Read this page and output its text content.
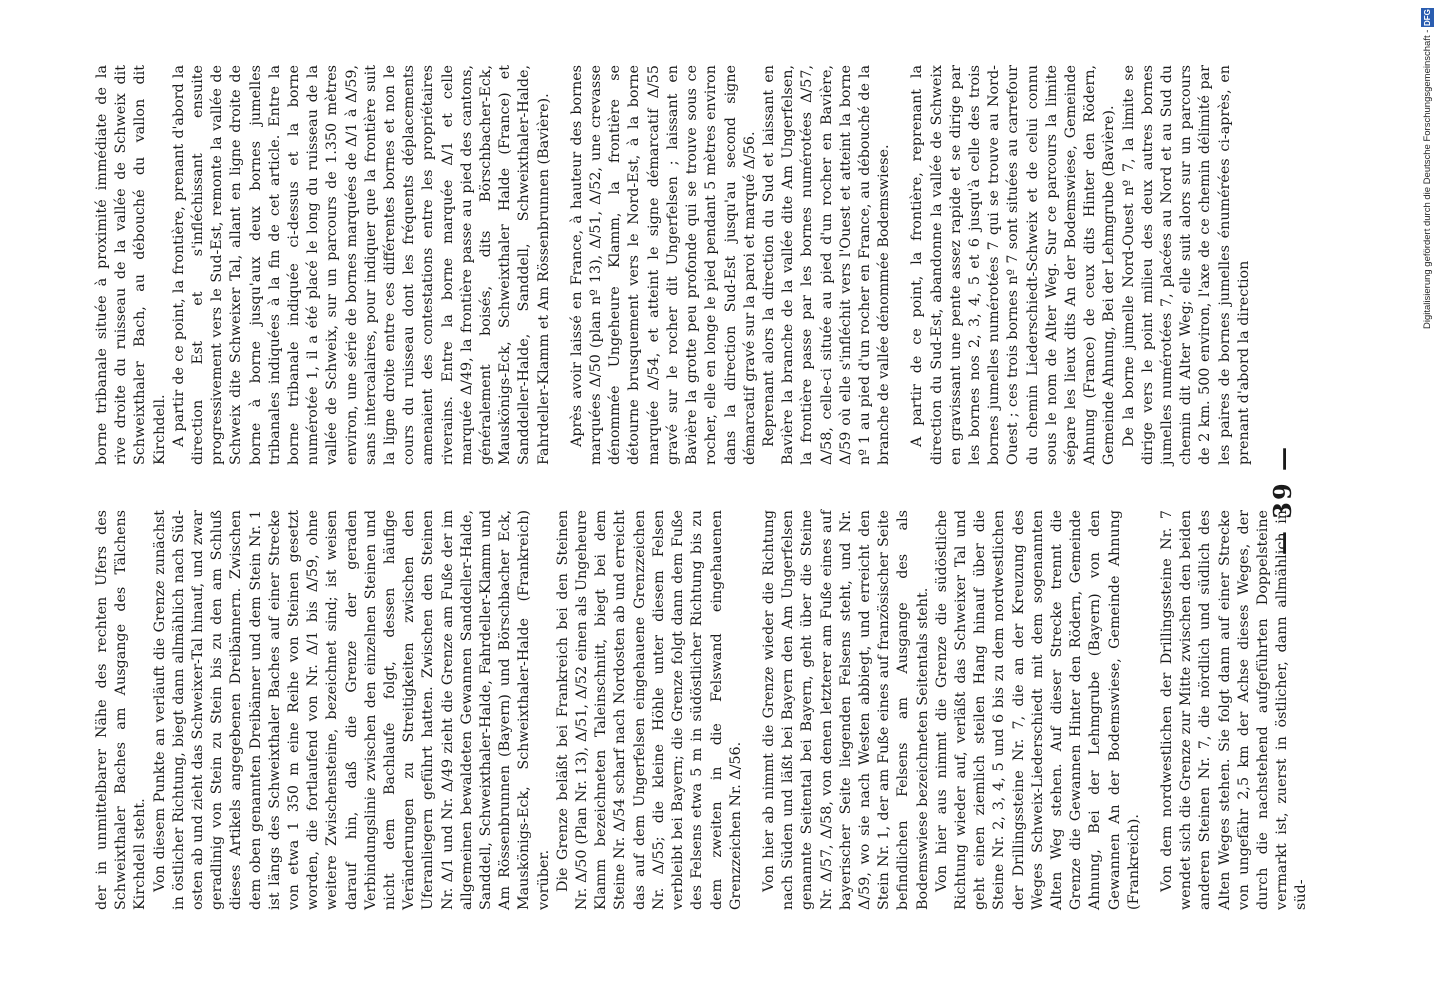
der in unmittelbarer Nähe des rechten Ufers des Schweixthaler Baches am Ausgange des Tälchens Kirchdell steht. Von diesem Punkte an verläuft die Grenze zunächst in östlicher Richtung, biegt dann allmählich nach Süd-osten ab und zieht das Schweixer-Tal hinauf, und zwar geradlinig von Stein zu Stein bis zu den am Schluß dieses Artikels angegebenen Dreibännern. Zwischen dem oben genannten Dreibänner und dem Stein Nr. 1 ist längs des Schweixthaler Baches auf einer Strecke von etwa 1 350 m eine Reihe von Steinen gesetzt worden, die fortlaufend von Nr. Δ/1 bis Δ/59, ohne weitere Zwischensteine, bezeichnet sind; ist weisen darauf hin, daß die Grenze der geraden Verbindungslinie zwischen den einzelnen Steinen und nicht dem Bachlaufe folgt, dessen häufige Veränderungen zu Streitigkeiten zwischen den Uferanliegern geführt hatten. Zwischen den Steinen Nr. Δ/1 und Nr. Δ/49 zieht die Grenze am Fuße der im allgemeinen bewaldeten Gewannen Sanddeller-Halde, Sanddell, Schweixthaler-Halde, Fahrdeller-Klamm und Am Rössenbrunnen (Bayern) und Börschbacher Eck, Mauskönigs-Eck, Schweixthaler-Halde (Frankreich) vorüber. Die Grenze beläßt bei Frankreich bei den Steinen Nr. Δ/50 (Plan Nr. 13), Δ/51, Δ/52 einen als Ungeheure Klamm bezeichneten Taleinschnitt, biegt bei dem Steine Nr. Δ/54 scharf nach Nordosten ab und erreicht das auf dem Ungerfelsen eingehauene Grenzzeichen Nr. Δ/55; die kleine Höhle unter diesem Felsen verbleibt bei Bayern; die Grenze folgt dann dem Fuße des Felsens etwa 5 m in südöstlicher Richtung bis zu dem zweiten in die Felswand eingehauenen Grenzzeichen Nr. Δ/56. Von hier ab nimmt die Grenze wieder die Richtung nach Süden und läßt bei Bayern den Am Ungerfelsen genannte Seitental bei Bayern, geht über die Steine Nr. Δ/57, Δ/58, von denen letzterer am Fuße eines auf bayerischer Seite liegenden Felsens steht, und Nr. Δ/59, wo sie nach Westen abbiegt, und erreicht den Stein Nr. 1, der am Fuße eines auf französischer Seite befindlichen Felsens am Ausgange des als Bodemswiese bezeichneten Seitentals steht. Von hier aus nimmt die Grenze die südöstliche Richtung wieder auf, verläßt das Schweixer Tal und geht einen ziemlich steilen Hang hinauf über die Steine Nr. 2, 3, 4, 5 und 6 bis zu dem nordwestlichen der Drillingssteine Nr. 7, die an der Kreuzung des Weges Schweix-Liederschiedt mit dem sogenannten Alten Weg stehen. Auf dieser Strecke trennt die Grenze die Gewannen Hinter den Rödern, Gemeinde Ahnung, Bei der Lehmgrube (Bayern) von den Gewannen An der Bodemswiese, Gemeinde Ahnung (Frankreich). Von dem nordwestlichen der Drillingssteine Nr. 7 wendet sich die Grenze zur Mitte zwischen den beiden anderen Steinen Nr. 7, die nördlich und südlich des Alten Weges stehen. Sie folgt dann auf einer Strecke von ungefähr 2,5 km der Achse dieses Weges, der durch die nachstehend aufgeführten Doppelsteine vermarkt ist, zuerst in östlicher, dann allmählich in süd-

— 39 —

borne tribanale située à proximité immédiate de la rive droite du ruisseau de la vallée de Schweix dit Schweixthaler Bach, au débouché du vallon dit Kirchdell. A partir de ce point, la frontière, prenant d'abord la direction Est et s'infléchissant ensuite progressivement vers le Sud-Est, remonte la vallée de Schweix dite Schweixer Tal, allant en ligne droite de borne à borne jusqu'aux deux bornes jumelles tribanales indiquées à la fin de cet article. Entre la borne tribanale indiquée ci-dessus et la borne numérotée 1, il a été placé le long du ruisseau de la vallée de Schweix, sur un parcours de 1.350 mètres environ, une série de bornes marquées de Δ/1 à Δ/59, sans intercalaires, pour indiquer que la frontière suit la ligne droite entre ces différentes bornes et non le cours du ruisseau dont les fréquents déplacements amenaient des contestations entre les propriétaires riverains. Entre la borne marquée Δ/1 et celle marquée Δ/49, la frontière passe au pied des cantons, généralement boisés, dits Börschbacher-Eck, Mauskönigs-Eck, Schweixthaler Halde (France) et Sanddeller-Halde, Sanddell, Schweixthaler-Halde, Fahrdeller-Klamm et Am Rössenbrunnen (Bavière). Après avoir laissé en France, à hauteur des bornes marquées Δ/50 (plan nº 13), Δ/51, Δ/52, une crevasse dénommée Ungeheure Klamm, la frontière se détourne brusquement vers le Nord-Est, à la borne marquée Δ/54, et atteint le signe démarcatif Δ/55 gravé sur le rocher dit Ungerfelsen ; laissant en Bavière la grotte peu profonde qui se trouve sous ce rocher, elle en longe le pied pendant 5 mètres environ dans la direction Sud-Est jusqu'au second signe démarcatif gravé sur la paroi et marqué Δ/56. Reprenant alors la direction du Sud et laissant en Bavière la branche de la vallée dite Am Ungerfelsen, la frontière passe par les bornes numérotées Δ/57, Δ/58, celle-ci située au pied d'un rocher en Bavière, Δ/59 où elle s'infléchit vers l'Ouest et atteint la borne nº 1 au pied d'un rocher en France, au débouché de la branche de vallée dénommée Bodemswiese. A partir de ce point, la frontière, reprenant la direction du Sud-Est, abandonne la vallée de Schweix en gravissant une pente assez rapide et se dirige par les bornes nos 2, 3, 4, 5 et 6 jusqu'à celle des trois bornes jumelles numérotées 7 qui se trouve au Nord-Ouest ; ces trois bornes nº 7 sont situées au carrefour du chemin Liederschiedt-Schweix et de celui connu sous le nom de Alter Weg. Sur ce parcours la limite sépare les lieux dits An der Bodemswiese, Gemeinde Ahnung (France) de ceux dits Hinter den Rödern, Gemeinde Ahnung, Bei der Lehmgrube (Bavière). De la borne jumelle Nord-Ouest nº 7, la limite se dirige vers le point milieu des deux autres bornes jumelles numérotées 7, placées au Nord et au Sud du chemin dit Alter Weg; elle suit alors sur un parcours de 2 km. 500 environ, l'axe de ce chemin délimité par les paires de bornes jumelles énumérées ci-après, en prenant d'abord la direction

Digitalisierung gefördert durch die Deutsche Forschungsgemeinschaft - DFG
